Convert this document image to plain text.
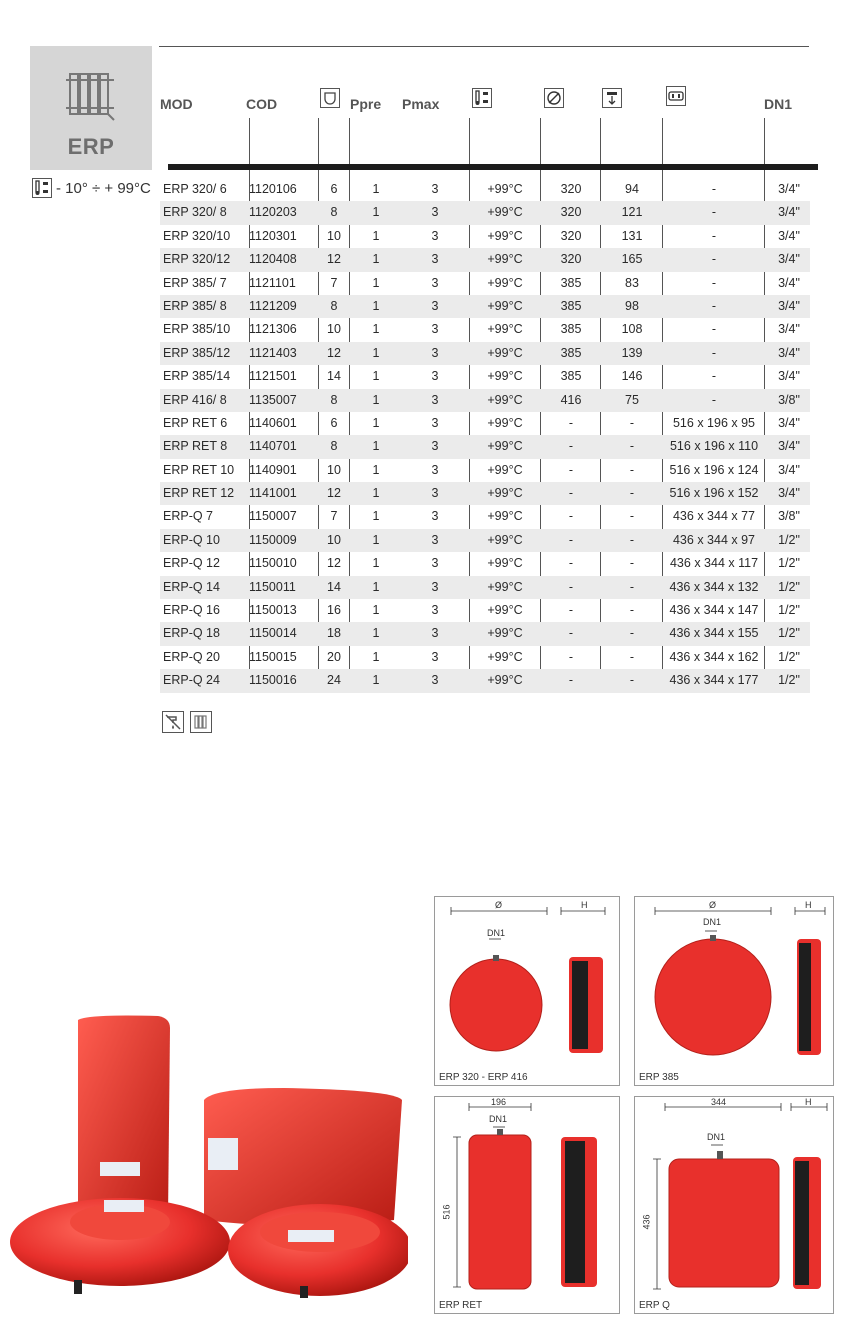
ERP
- 10° ÷ + 99°C
MOD	COD	Ppre Pmax	DN1
ERP 320/ 6 1120106	6	1	3	+99°C	320	94	-	3/4"
ERP 320/ 8 1120203	8	1	3	+99°C	320	121	-	3/4"
ERP 320/10 1120301	10	1	3	+99°C	320	131	-	3/4"
ERP 320/12 1120408	12	1	3	+99°C	320	165	-	3/4"
ERP 385/ 7 1121101	7	1	3	+99°C	385	83	-	3/4"
ERP 385/ 8 1121209	8	1	3	+99°C	385	98	-	3/4"
ERP 385/10 1121306	10	1	3	+99°C	385	108	-	3/4"
ERP 385/12 1121403	12	1	3	+99°C	385	139	-	3/4"
ERP 385/14 1121501	14	1	3	+99°C	385	146	-	3/4"
ERP 416/ 8 1135007	8	1	3	+99°C	416	75	-	3/8"
ERP RET 6 1140601	6	1	3	+99°C	-	-	516 x 196 x 95	3/4"
ERP RET 8 1140701	8	1	3	+99°C	-	-	516 x 196 x 110	3/4"
ERP RET 10 1140901	10	1	3	+99°C	-	-	516 x 196 x 124	3/4"
ERP RET 12 1141001	12	1	3	+99°C	-	-	516 x 196 x 152	3/4"
ERP-Q 7	1150007	7	1	3	+99°C	-	-	436 x 344 x 77	3/8"
ERP-Q 10 1150009	10	1	3	+99°C	-	-	436 x 344 x 97	1/2"
ERP-Q 12 1150010	12	1	3	+99°C	-	-	436 x 344 x 117	1/2"
ERP-Q 14 1150011	14	1	3	+99°C	-	-	436 x 344 x 132	1/2"
ERP-Q 16 1150013	16	1	3	+99°C	-	-	436 x 344 x 147	1/2"
ERP-Q 18 1150014	18	1	3	+99°C	-	-	436 x 344 x 155	1/2"
ERP-Q 20 1150015	20	1	3	+99°C	-	-	436 x 344 x 162	1/2"
ERP-Q 24 1150016	24	1	3	+99°C	-	-	436 x 344 x 177	1/2"
Ø	H
DN1
ERP 320 - ERP 416
Ø	H
DN1
ERP 385
196
DN1
516
ERP RET
344	H
DN1
436
ERP Q
